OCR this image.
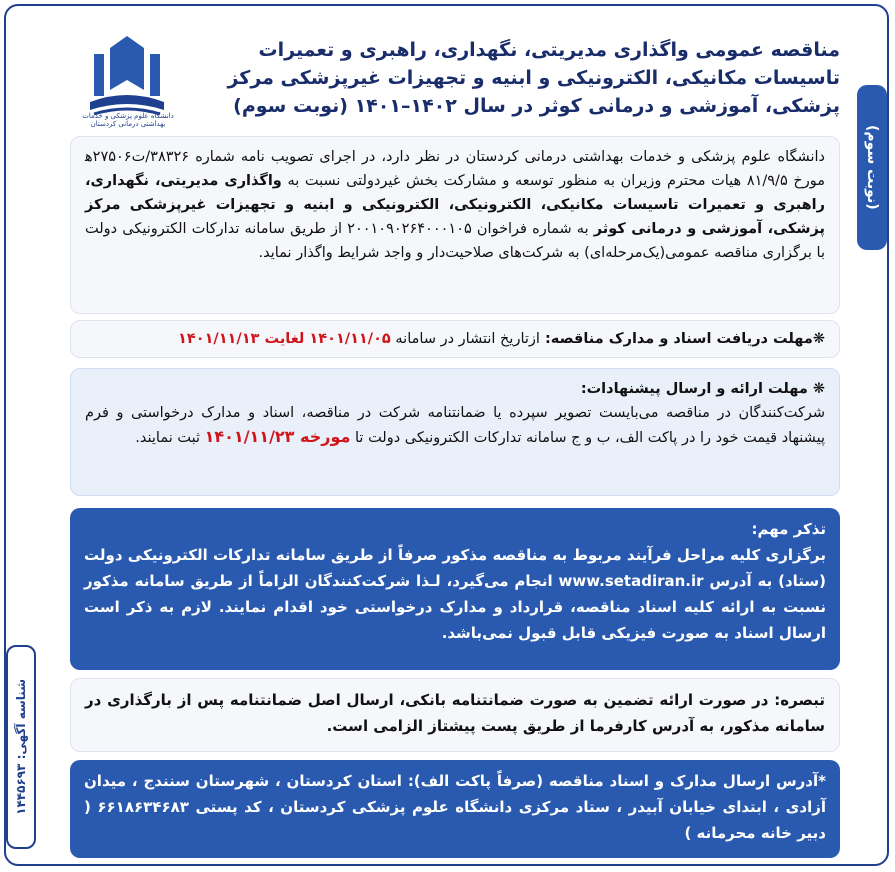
(نوبت سوم)
شناسه آگهی: ۱۴۴۵۶۹۳
دانشگاه علوم پزشکی و خدمات بهداشتی درمانی کردستان
مناقصه عمومی واگذاری مدیریتی، نگهداری، راهبری و تعمیرات تاسیسات مکانیکی، الکترونیکی و ابنیه و تجهیزات غیرپزشکی مرکز پزشکی، آموزشی و درمانی کوثر در سال ۱۴۰۲–۱۴۰۱ (نوبت سوم)
دانشگاه علوم پزشکی و خدمات بهداشتی درمانی کردستان در نظر دارد، در اجرای تصویب نامه شماره ۳۸۳۲۶/ت۲۷۵۰۶ه‍ مورخ ۸۱/۹/۵ هیات محترم وزیران به منظور توسعه و مشارکت بخش غیردولتی نسبت به واگذاری مدیریتی، نگهداری، راهبری و تعمیرات تاسیسات مکانیکی، الکترونیکی، الکترونیکی و ابنیه و تجهیزات غیرپزشکی مرکز پزشکی، آموزشی و درمانی کوثر به شماره فراخوان ۲۰۰۱۰۹۰۲۶۴۰۰۰۱۰۵ از طریق سامانه تدارکات الکترونیکی دولت با برگزاری مناقصه عمومی(یک‌مرحله‌ای) به شرکت‌های صلاحیت‌دار و واجد شرایط واگذار نماید.
❋مهلت دریافت اسناد و مدارک مناقصه: ازتاریخ انتشار در سامانه ۱۴۰۱/۱۱/۰۵ لغایت ۱۴۰۱/۱۱/۱۳
❋ مهلت ارائه و ارسال پیشنهادات:
شرکت‌کنندگان در مناقصه می‌بایست تصویر سپرده یا ضمانتنامه شرکت در مناقصه، اسناد و مدارک درخواستی و فرم پیشنهاد قیمت خود را در پاکت الف، ب و ج سامانه تدارکات الکترونیکی دولت تا مورخه ۱۴۰۱/۱۱/۲۳ ثبت نمایند.
تذکر مهم:
برگزاری کلیه مراحل فرآیند مربوط به مناقصه مذکور صرفاً از طریق سامانه تدارکات الکترونیکی دولت (ستاد) به آدرس www.setadiran.ir انجام می‌گیرد، لـذا شرکت‌کنندگان الزاماً از طریق سامانه مذکور نسبت به ارائه کلیه اسناد مناقصه، قرارداد و مدارک درخواستی خود اقدام نمایند. لازم به ذکر است ارسال اسناد به صورت فیزیکی قابل قبول نمی‌باشد.
تبصره: در صورت ارائه تضمین به صورت ضمانتنامه بانکی، ارسال اصل ضمانتنامه پس از بارگذاری در سامانه مذکور، به آدرس کارفرما از طریق پست پیشتاز الزامی است.
*آدرس ارسال مدارک و اسناد مناقصه (صرفاً پاکت الف): استان کردستان ، شهرستان سنندج ، میدان آزادی ، ابتدای خیابان آبیدر ، ستاد مرکزی دانشگاه علوم پزشکی کردستان ، کد پستی ۶۶۱۸۶۳۴۶۸۳ ( دبیر خانه محرمانه )
